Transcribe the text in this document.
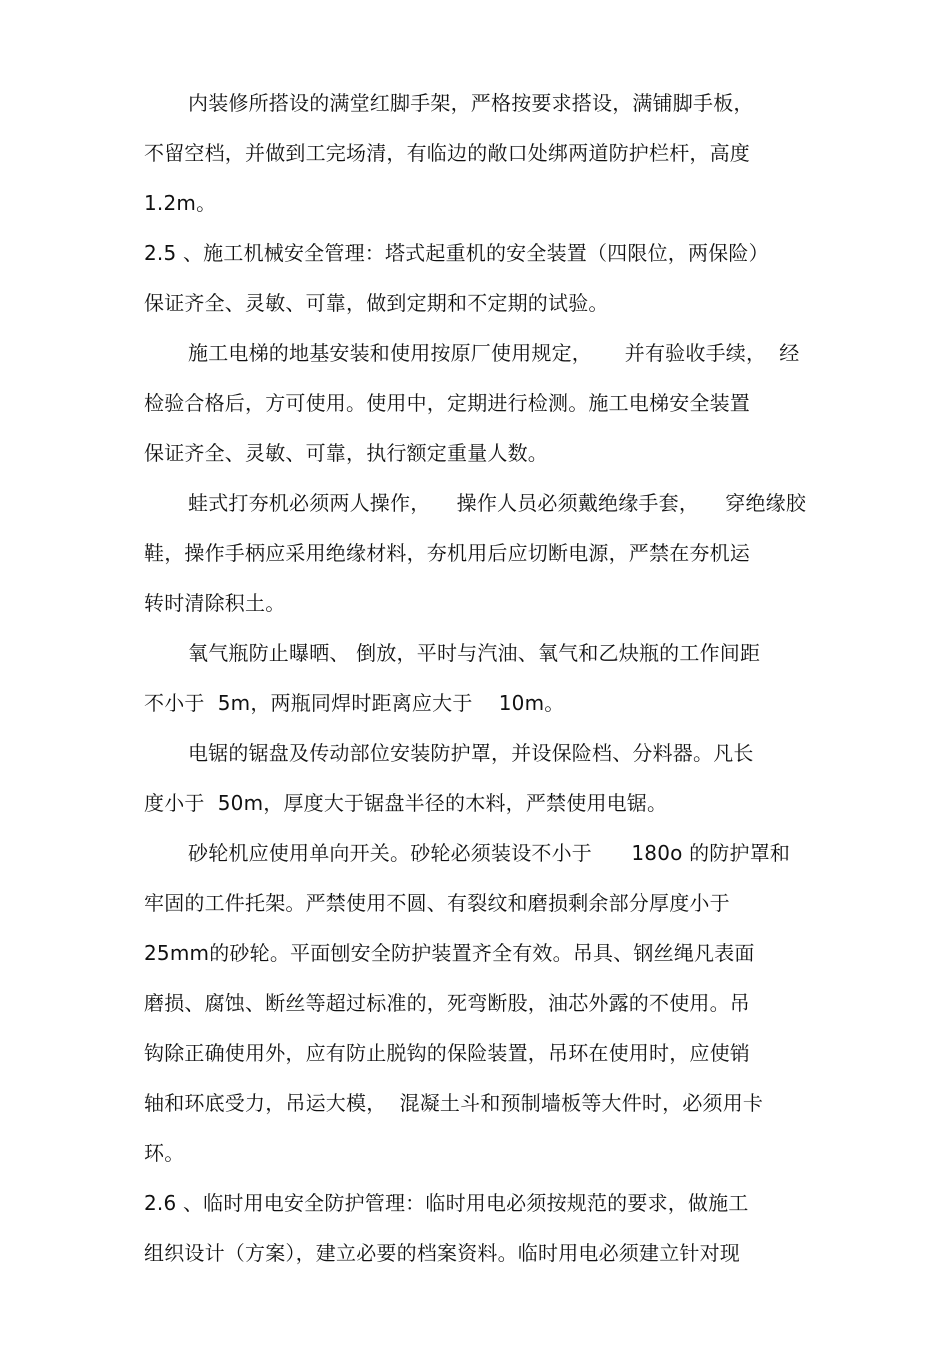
内装修所搭设的满堂红脚手架，严格按要求搭设，满铺脚手板，
不留空档，并做到工完场清，有临边的敞口处绑两道防护栏杆，高度
1.2m。
2.5 、施工机械安全管理：塔式起重机的安全装置（四限位，两保险）
保证齐全、灵敏、可靠，做到定期和不定期的试验。
施工电梯的地基安装和使用按原厂使用规定，     并有验收手续，  经
检验合格后，方可使用。使用中，定期进行检测。施工电梯安全装置
保证齐全、灵敏、可靠，执行额定重量人数。
蛙式打夯机必须两人操作，    操作人员必须戴绝缘手套，    穿绝缘胶
鞋，操作手柄应采用绝缘材料，夯机用后应切断电源，严禁在夯机运
转时清除积土。
氧气瓶防止曝晒、 倒放，平时与汽油、氧气和乙炔瓶的工作间距
不小于  5m，两瓶同焊时距离应大于    10m。
电锯的锯盘及传动部位安装防护罩，并设保险档、分料器。凡长
度小于  50m，厚度大于锯盘半径的木料，严禁使用电锯。
砂轮机应使用单向开关。砂轮必须装设不小于      180o 的防护罩和
牢固的工件托架。严禁使用不圆、有裂纹和磨损剩余部分厚度小于
25mm的砂轮。平面刨安全防护装置齐全有效。吊具、钢丝绳凡表面
磨损、腐蚀、断丝等超过标准的，死弯断股，油芯外露的不使用。吊
钩除正确使用外，应有防止脱钩的保险装置，吊环在使用时，应使销
轴和环底受力，吊运大模，  混凝土斗和预制墙板等大件时，必须用卡
环。
2.6 、临时用电安全防护管理：临时用电必须按规范的要求，做施工
组织设计（方案），建立必要的档案资料。临时用电必须建立针对现
